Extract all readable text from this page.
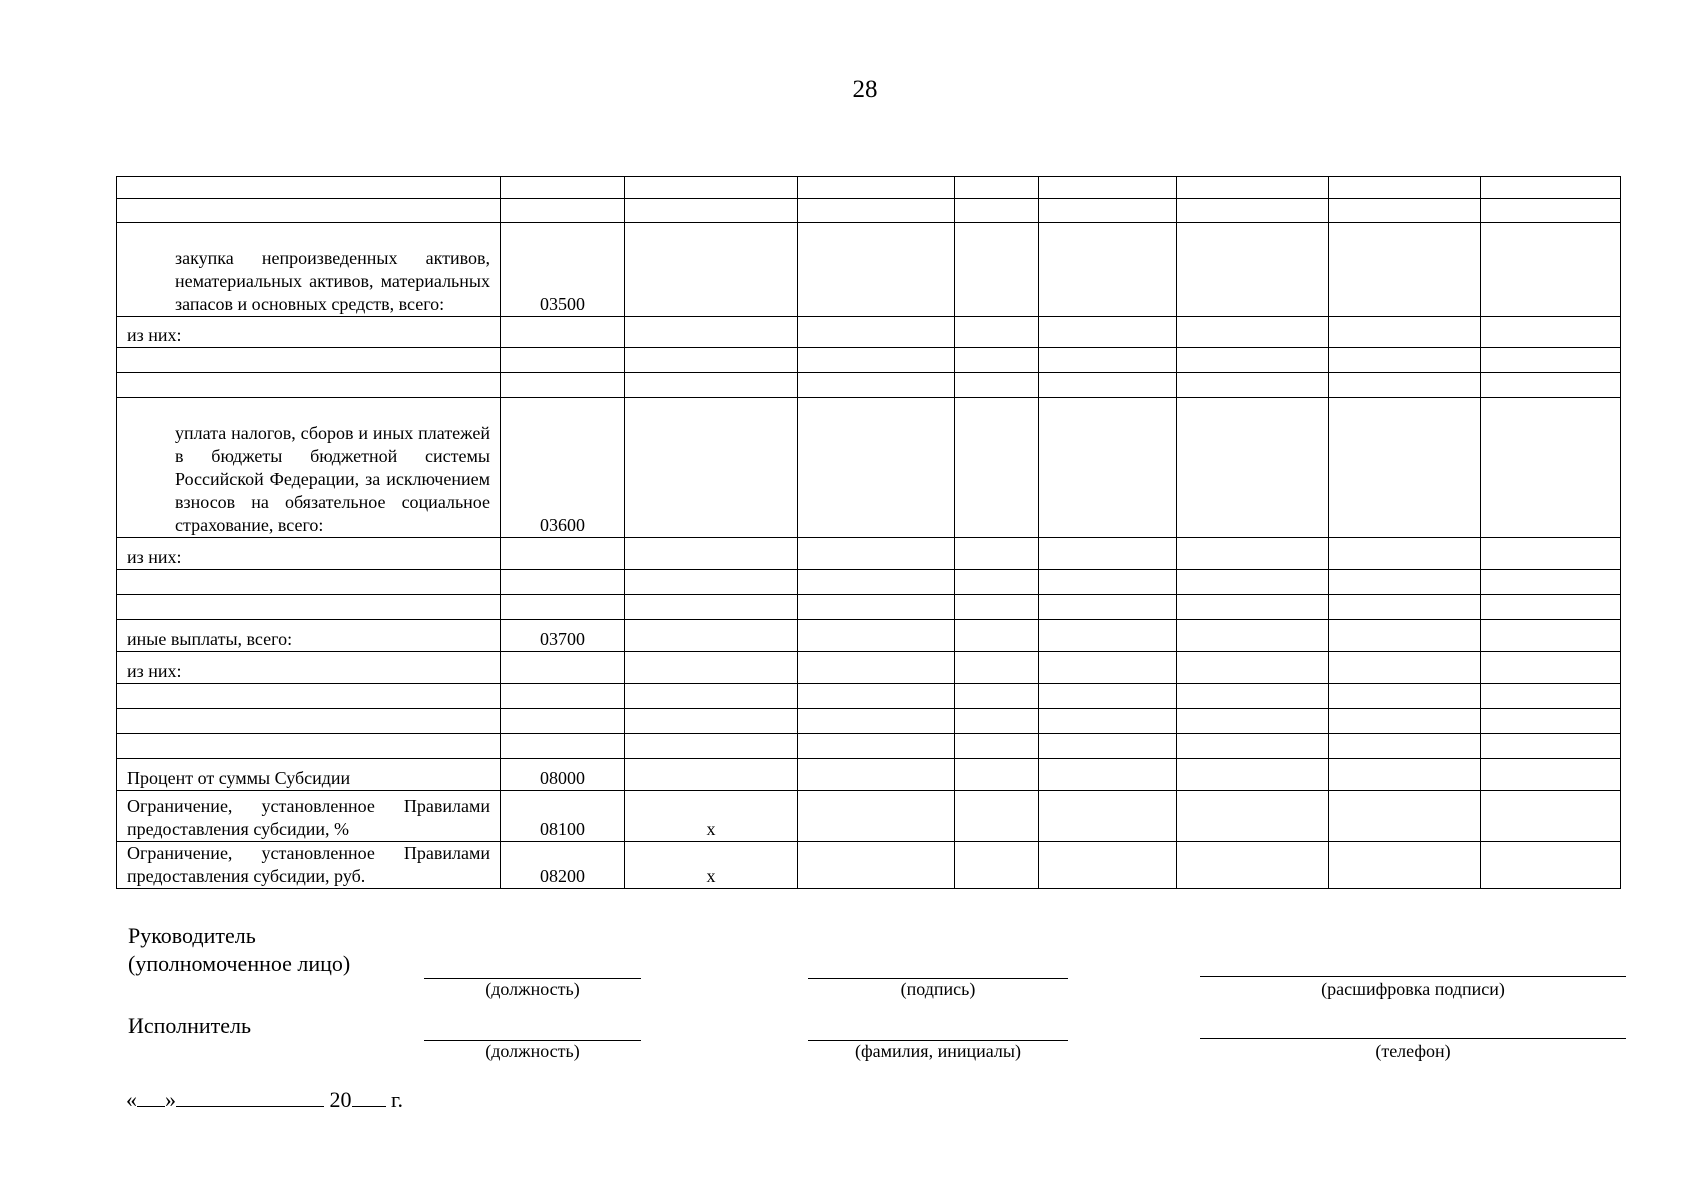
28

закупка непроизведенных активов, нематериальных активов, материальных запасов и основных средств, всего:	03500							
из них:								

уплата налогов, сборов и иных платежей в бюджеты бюджетной системы Российской Федерации, за исключением взносов на обязательное социальное страхование, всего:	03600							
из них:								

иные выплаты, всего:	03700							
из них:								

Процент от суммы Субсидии	08000							
Ограничение, установленное Правилами предоставления субсидии, %	08100	х						
Ограничение, установленное Правилами предоставления субсидии, руб.	08200	х						
Руководитель
(уполномоченное лицо)
(должность)	(подпись)	(расшифровка подписи)
Исполнитель
(должность)	(фамилия, инициалы)	(телефон)
« »	20 г.
